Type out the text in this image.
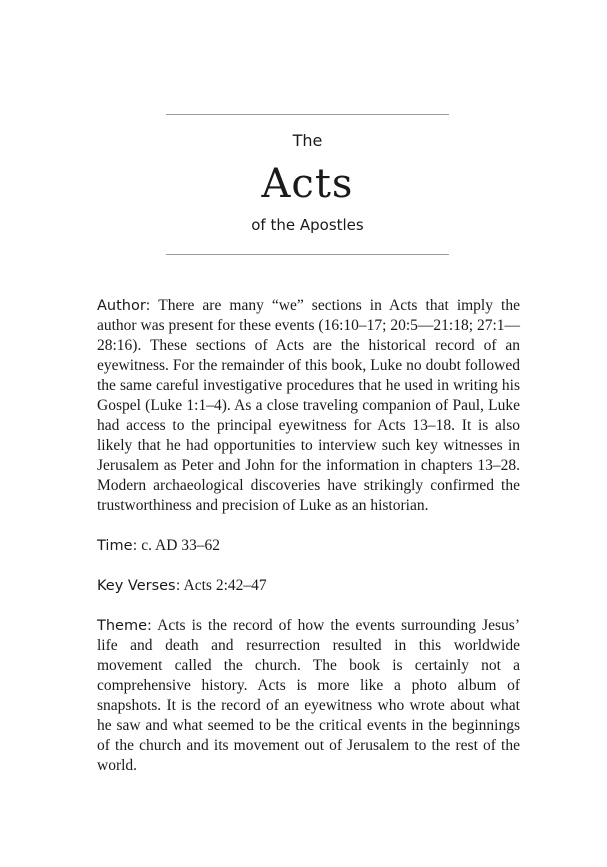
The
Acts
of the Apostles

Author: There are many “we” sections in Acts that imply the author was present for these events (16:10–17; 20:5—21:18; 27:1—28:16). These sections of Acts are the historical record of an eyewitness. For the remainder of this book, Luke no doubt followed the same careful investigative procedures that he used in writing his Gospel (Luke 1:1–4). As a close traveling companion of Paul, Luke had access to the principal eyewitness for Acts 13–18. It is also likely that he had opportunities to interview such key witnesses in Jerusalem as Peter and John for the information in chapters 13–28. Modern archaeological discoveries have strikingly confirmed the trustworthiness and precision of Luke as an historian.

Time: c. AD 33–62

Key Verses: Acts 2:42–47

Theme: Acts is the record of how the events surrounding Jesus’ life and death and resurrection resulted in this worldwide movement called the church. The book is certainly not a comprehensive history. Acts is more like a photo album of snapshots. It is the record of an eyewitness who wrote about what he saw and what seemed to be the critical events in the beginnings of the church and its movement out of Jerusalem to the rest of the world.
